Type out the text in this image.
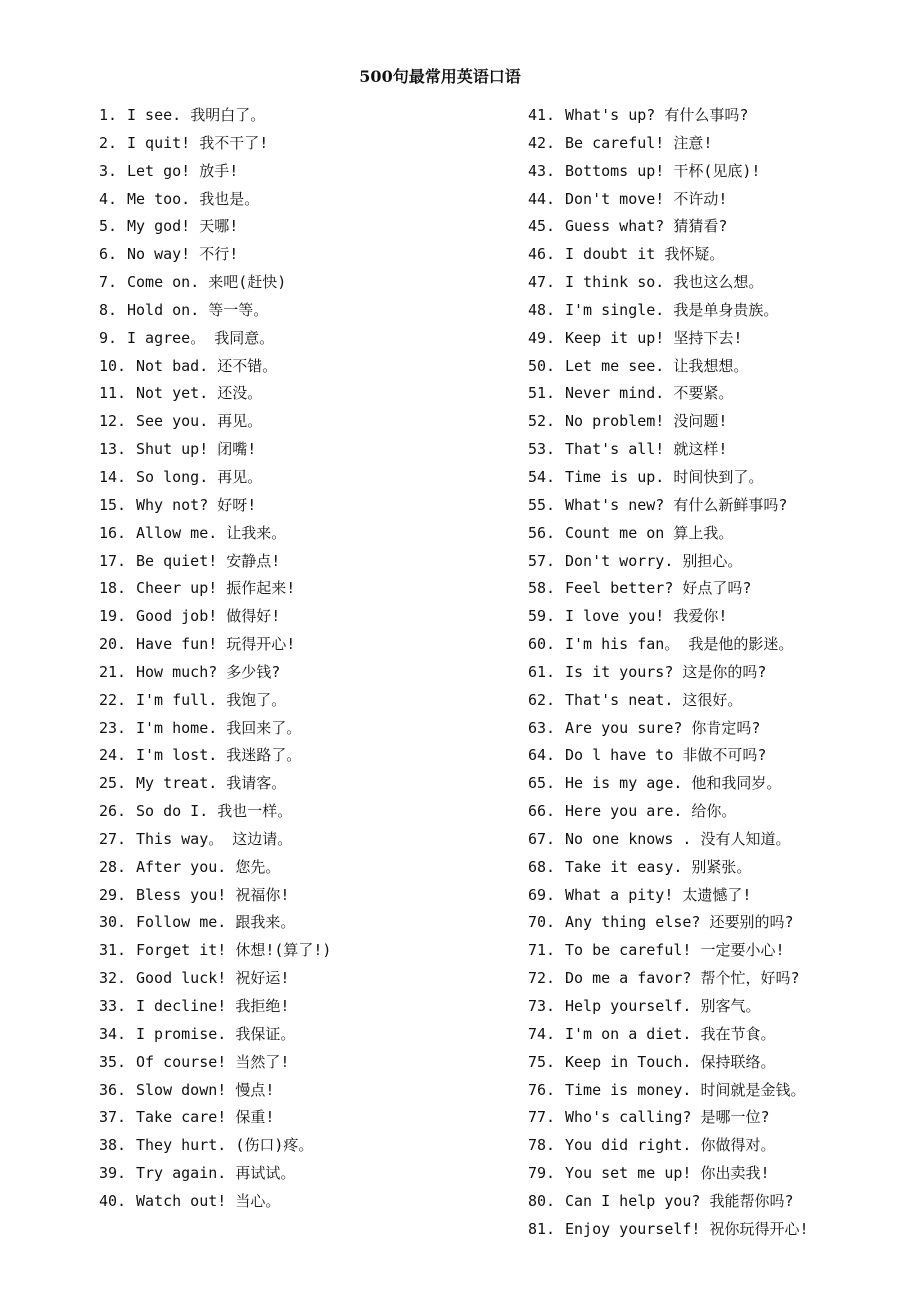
500句最常用英语口语
1. I see. 我明白了。
2. I quit! 我不干了!
3. Let go! 放手!
4. Me too. 我也是。
5. My god! 天哪!
6. No way! 不行!
7. Come on. 来吧(赶快)
8. Hold on. 等一等。
9. I agree。 我同意。
10. Not bad. 还不错。
11. Not yet. 还没。
12. See you. 再见。
13. Shut up! 闭嘴!
14. So long. 再见。
15. Why not? 好呀!
16. Allow me. 让我来。
17. Be quiet! 安静点!
18. Cheer up! 振作起来!
19. Good job! 做得好!
20. Have fun! 玩得开心!
21. How much? 多少钱?
22. I'm full. 我饱了。
23. I'm home. 我回来了。
24. I'm lost. 我迷路了。
25. My treat. 我请客。
26. So do I. 我也一样。
27. This way。 这边请。
28. After you. 您先。
29. Bless you! 祝福你!
30. Follow me. 跟我来。
31. Forget it! 休想!(算了!)
32. Good luck! 祝好运!
33. I decline! 我拒绝!
34. I promise. 我保证。
35. Of course! 当然了!
36. Slow down! 慢点!
37. Take care! 保重!
38. They hurt. (伤口)疼。
39. Try again. 再试试。
40. Watch out! 当心。
41. What's up? 有什么事吗?
42. Be careful! 注意!
43. Bottoms up! 干杯(见底)!
44. Don't move! 不许动!
45. Guess what? 猜猜看?
46. I doubt it 我怀疑。
47. I think so. 我也这么想。
48. I'm single. 我是单身贵族。
49. Keep it up! 坚持下去!
50. Let me see. 让我想想。
51. Never mind. 不要紧。
52. No problem! 没问题!
53. That's all! 就这样!
54. Time is up. 时间快到了。
55. What's new? 有什么新鲜事吗?
56. Count me on 算上我。
57. Don't worry. 别担心。
58. Feel better? 好点了吗?
59. I love you! 我爱你!
60. I'm his fan。 我是他的影迷。
61. Is it yours? 这是你的吗?
62. That's neat. 这很好。
63. Are you sure? 你肯定吗?
64. Do l have to 非做不可吗?
65. He is my age. 他和我同岁。
66. Here you are. 给你。
67. No one knows . 没有人知道。
68. Take it easy. 别紧张。
69. What a pity! 太遗憾了!
70. Any thing else? 还要别的吗?
71. To be careful! 一定要小心!
72. Do me a favor? 帮个忙，好吗?
73. Help yourself. 别客气。
74. I'm on a diet. 我在节食。
75. Keep in Touch. 保持联络。
76. Time is money. 时间就是金钱。
77. Who's calling? 是哪一位?
78. You did right. 你做得对。
79. You set me up! 你出卖我!
80. Can I help you? 我能帮你吗?
81. Enjoy yourself! 祝你玩得开心!
